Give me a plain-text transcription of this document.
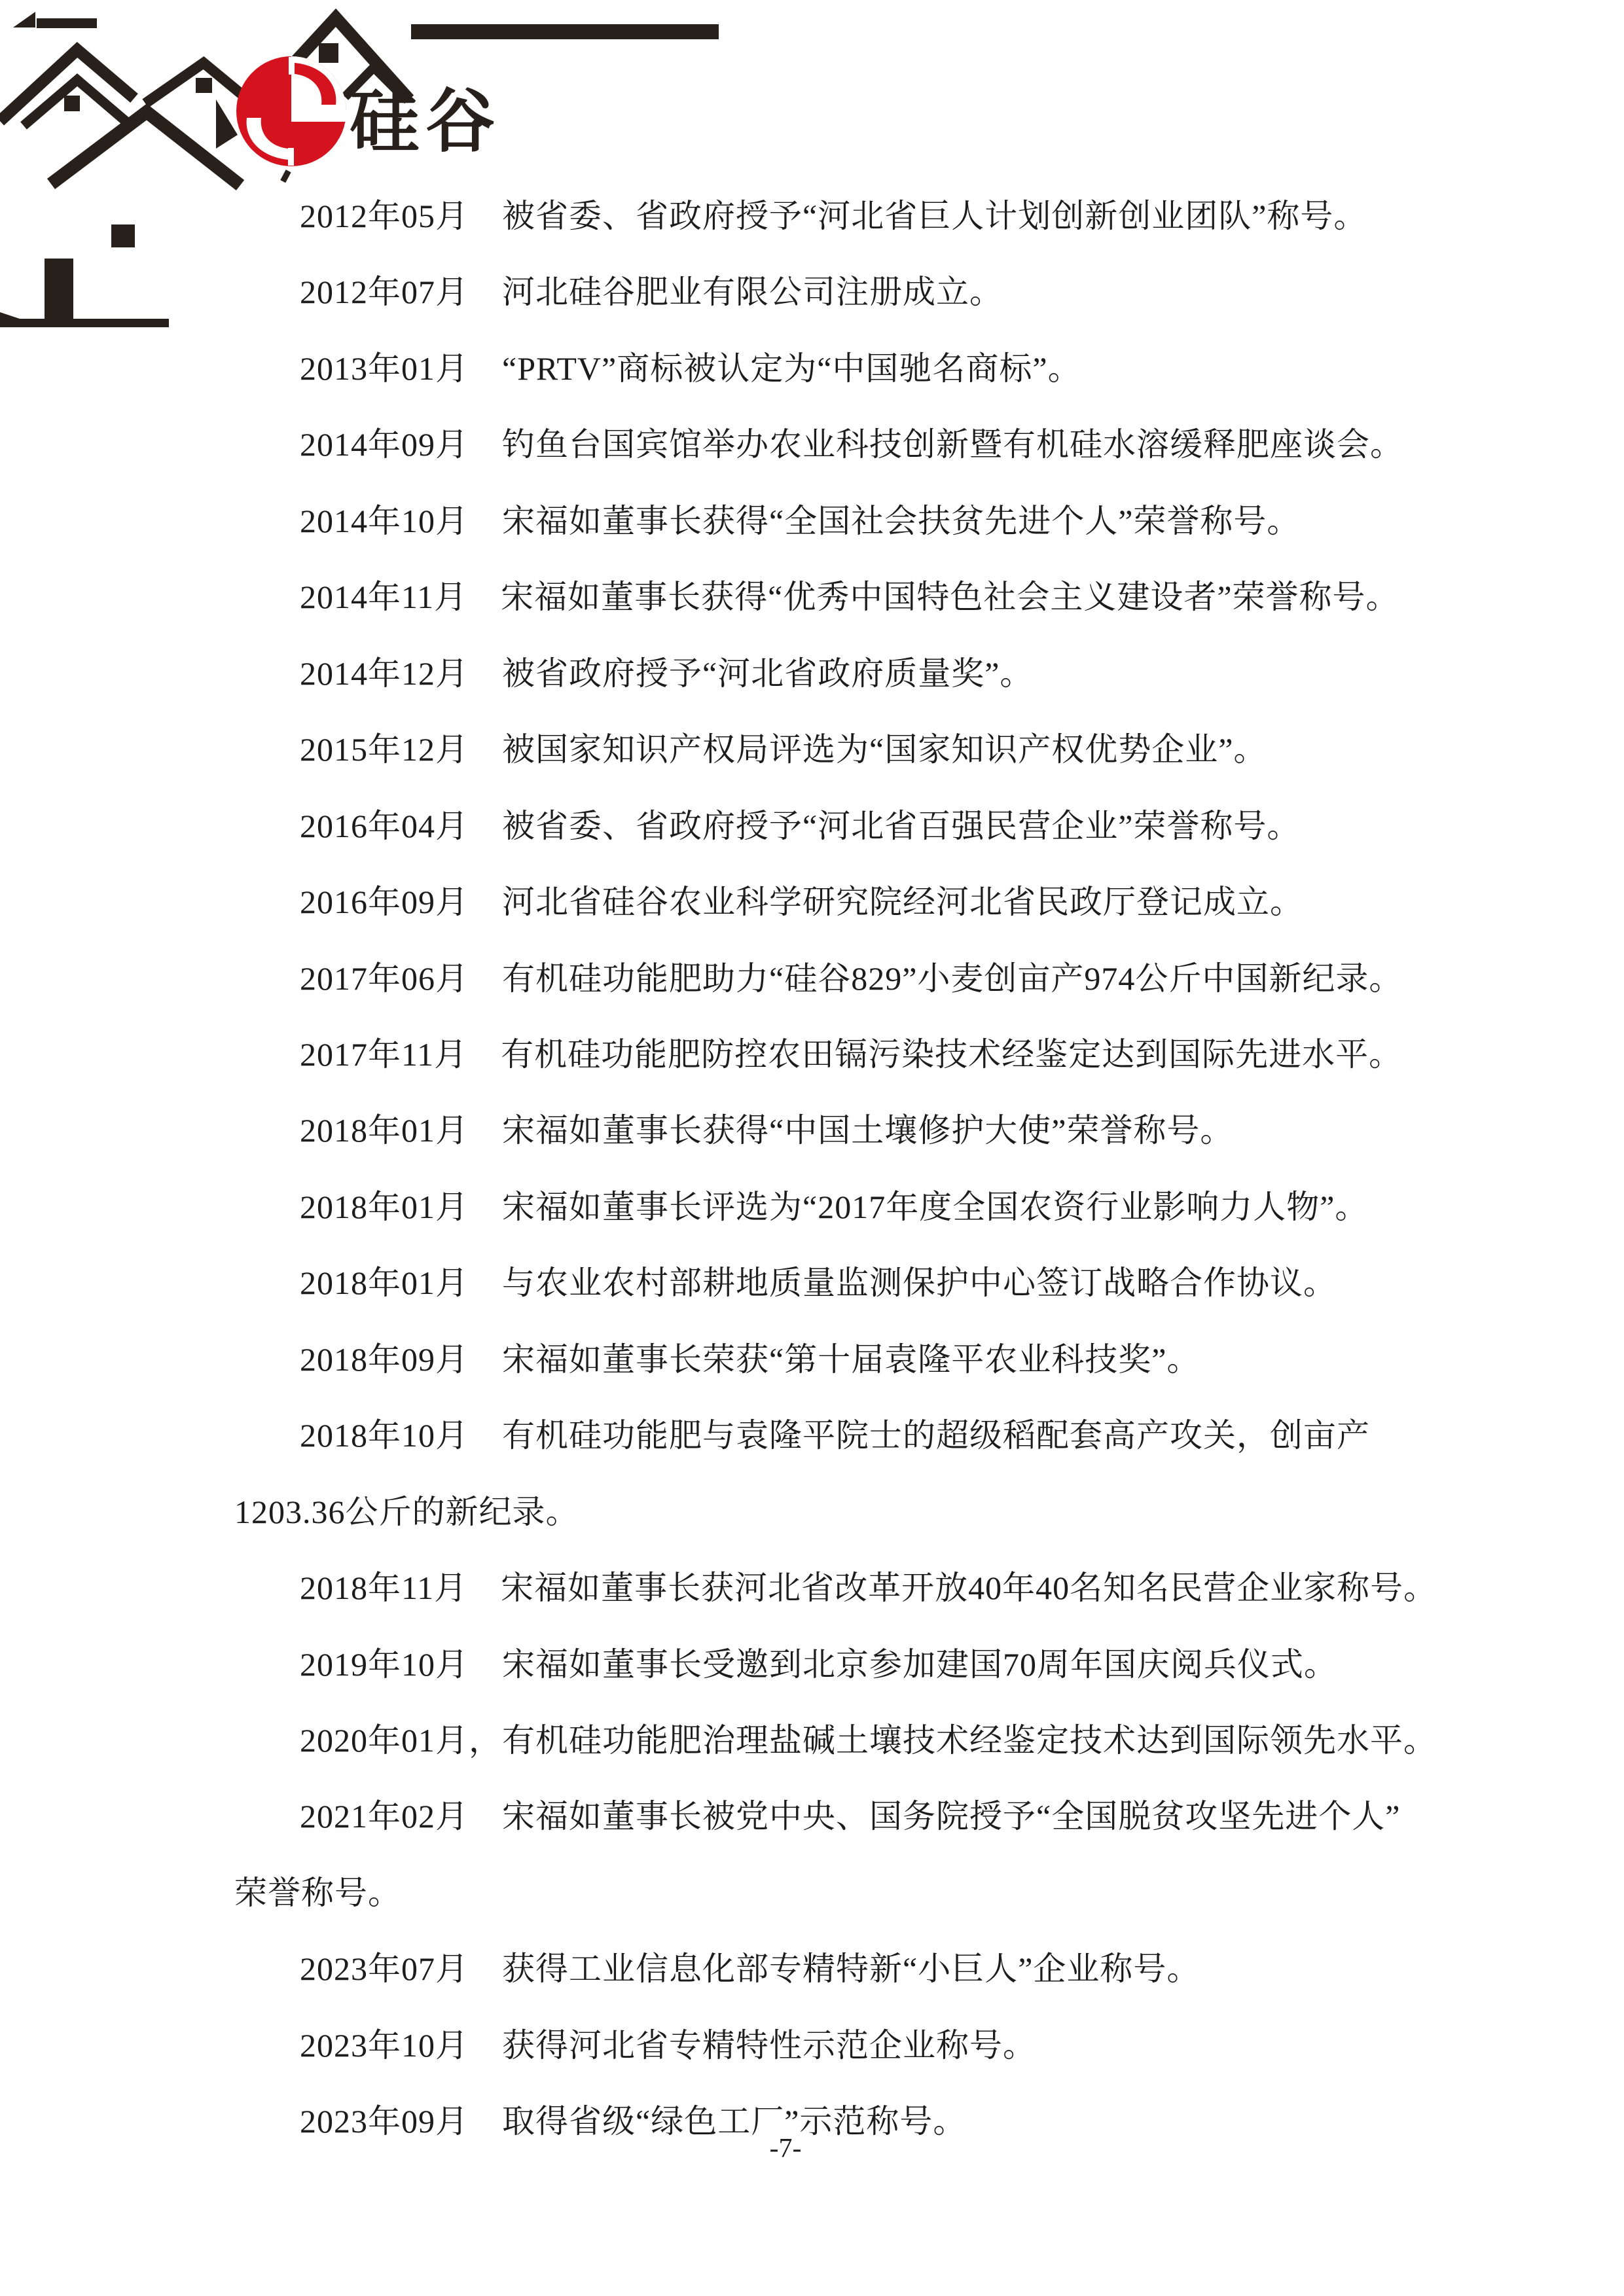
硅谷
2012年05月　被省委、省政府授予“河北省巨人计划创新创业团队”称号。
2012年07月　河北硅谷肥业有限公司注册成立。
2013年01月　“PRTV”商标被认定为“中国驰名商标”。
2014年09月　钓鱼台国宾馆举办农业科技创新暨有机硅水溶缓释肥座谈会。
2014年10月　宋福如董事长获得“全国社会扶贫先进个人”荣誉称号。
2014年11月　宋福如董事长获得“优秀中国特色社会主义建设者”荣誉称号。
2014年12月　被省政府授予“河北省政府质量奖”。
2015年12月　被国家知识产权局评选为“国家知识产权优势企业”。
2016年04月　被省委、省政府授予“河北省百强民营企业”荣誉称号。
2016年09月　河北省硅谷农业科学研究院经河北省民政厅登记成立。
2017年06月　有机硅功能肥助力“硅谷829”小麦创亩产974公斤中国新纪录。
2017年11月　有机硅功能肥防控农田镉污染技术经鉴定达到国际先进水平。
2018年01月　宋福如董事长获得“中国土壤修护大使”荣誉称号。
2018年01月　宋福如董事长评选为“2017年度全国农资行业影响力人物”。
2018年01月　与农业农村部耕地质量监测保护中心签订战略合作协议。
2018年09月　宋福如董事长荣获“第十届袁隆平农业科技奖”。
2018年10月　有机硅功能肥与袁隆平院士的超级稻配套高产攻关，创亩产
1203.36公斤的新纪录。
2018年11月　宋福如董事长获河北省改革开放40年40名知名民营企业家称号。
2019年10月　宋福如董事长受邀到北京参加建国70周年国庆阅兵仪式。
2020年01月，有机硅功能肥治理盐碱土壤技术经鉴定技术达到国际领先水平。
2021年02月　宋福如董事长被党中央、国务院授予“全国脱贫攻坚先进个人”
荣誉称号。
2023年07月　获得工业信息化部专精特新“小巨人”企业称号。
2023年10月　获得河北省专精特性示范企业称号。
2023年09月　取得省级“绿色工厂”示范称号。
-7-
